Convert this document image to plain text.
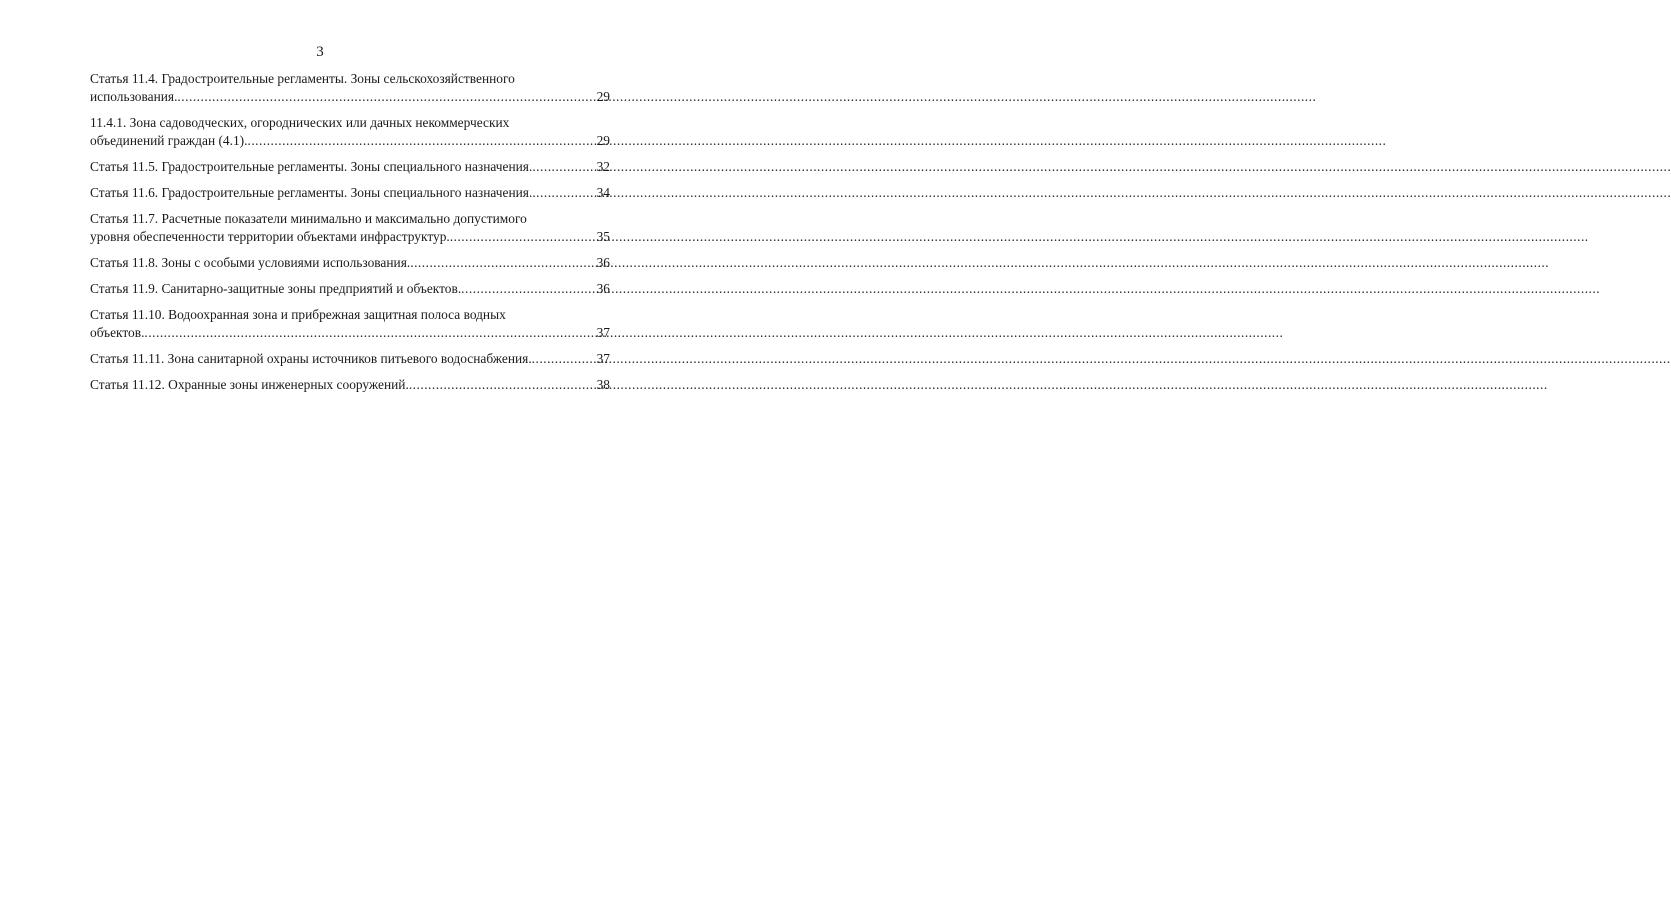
3
Статья 11.4. Градостроительные регламенты. Зоны сельскохозяйственного
использования. .....	29
11.4.1. Зона садоводческих, огороднических или дачных некоммерческих
объединений граждан (4.1). .....	29
Статья 11.5. Градостроительные регламенты. Зоны специального назначения. .....	32
Статья 11.6. Градостроительные регламенты. Зоны специального назначения. .....	34
Статья 11.7. Расчетные показатели минимально и максимально допустимого
уровня обеспеченности территории объектами инфраструктур. .....	35
Статья 11.8. Зоны с особыми условиями использования. .....	36
Статья 11.9. Санитарно-защитные зоны предприятий и объектов. .....	36
Статья 11.10. Водоохранная зона и прибрежная защитная полоса водных
объектов. .....	37
Статья 11.11. Зона санитарной охраны источников питьевого водоснабжения. .....	37
Статья 11.12. Охранные зоны инженерных сооружений. .....	38
